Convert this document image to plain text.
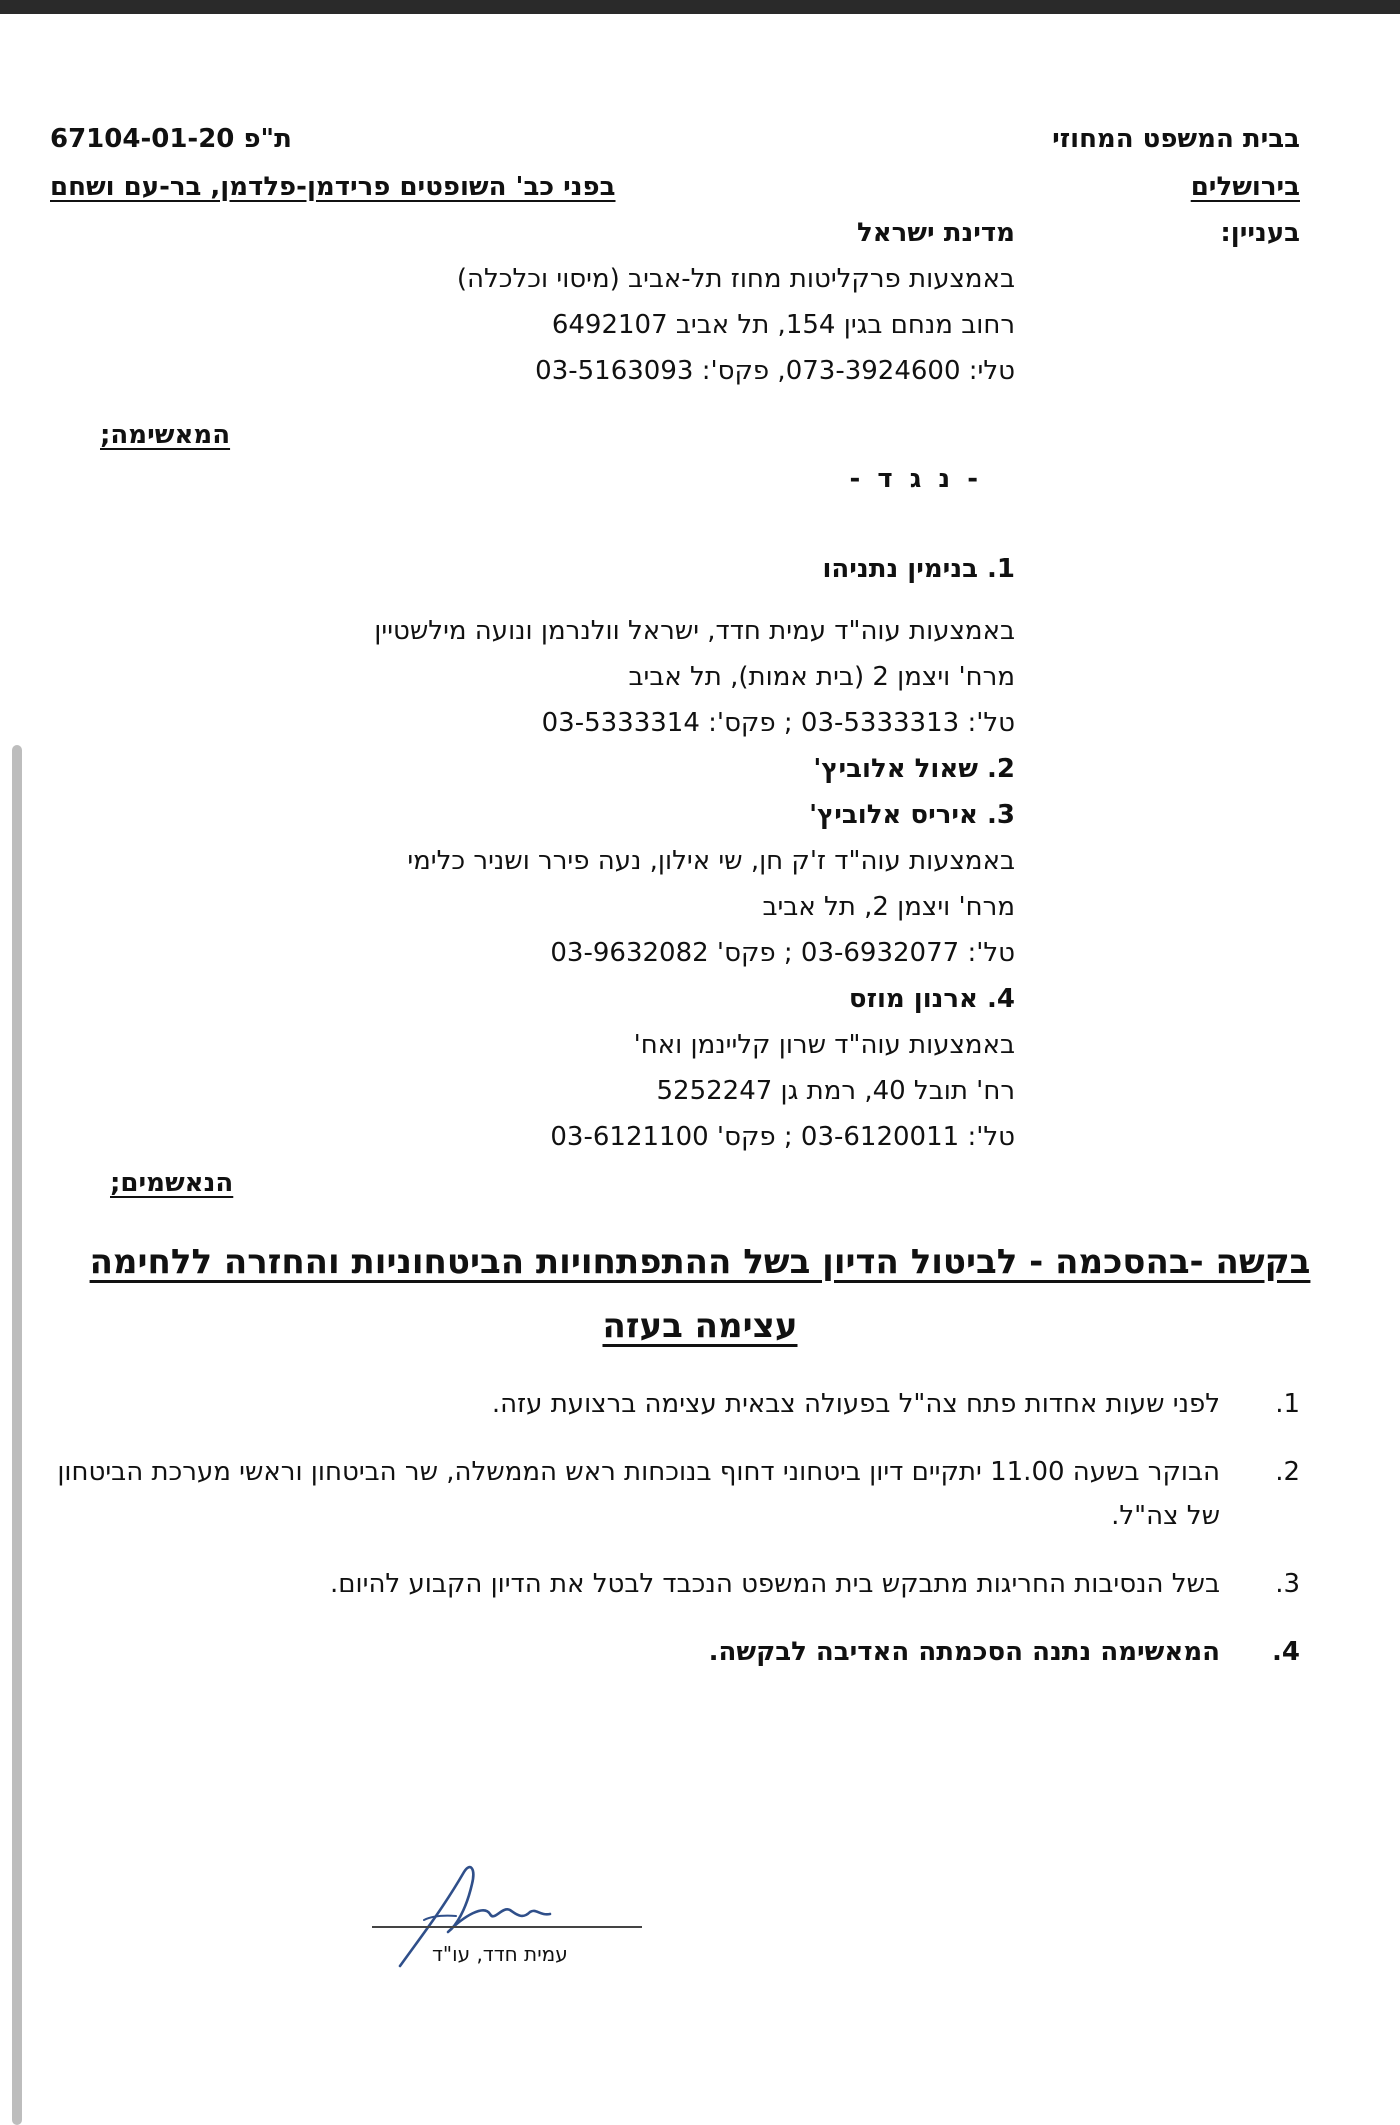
בבית המשפט המחוזי
בירושלים
ת"פ 67104-01-20
בפני כב' השופטים פרידמן-פלדמן, בר-עם ושחם
בעניין:
מדינת ישראל
באמצעות פרקליטות מחוז תל-אביב (מיסוי וכלכלה)
רחוב מנחם בגין 154, תל אביב 6492107
טלי: 073-3924600, פקס': 03-5163093
המאשימה;
- נ ג ד -
1. בנימין נתניהו
באמצעות עוה"ד עמית חדד, ישראל וולנרמן ונועה מילשטיין
מרח' ויצמן 2 (בית אמות), תל אביב
טל': 03-5333313 ; פקס': 03-5333314
2. שאול אלוביץ'
3. איריס אלוביץ'
באמצעות עוה"ד ז'ק חן, שי אילון, נעה פירר ושניר כלימי
מרח' ויצמן 2, תל אביב
טל': 03-6932077 ; פקס' 03-9632082
4. ארנון מוזס
באמצעות עוה"ד שרון קליינמן ואח'
רח' תובל 40, רמת גן 5252247
טל': 03-6120011 ; פקס' 03-6121100
הנאשמים;
בקשה -בהסכמה - לביטול הדיון בשל ההתפתחויות הביטחוניות והחזרה ללחימה
עצימה בעזה
1.
לפני שעות אחדות פתח צה"ל בפעולה צבאית עצימה ברצועת עזה.
2.
הבוקר בשעה 11.00 יתקיים דיון ביטחוני דחוף בנוכחות ראש הממשלה, שר הביטחון וראשי מערכת הביטחון של צה"ל.
3.
בשל הנסיבות החריגות מתבקש בית המשפט הנכבד לבטל את הדיון הקבוע להיום.
4.
המאשימה נתנה הסכמתה האדיבה לבקשה.
עמית חדד, עו"ד
